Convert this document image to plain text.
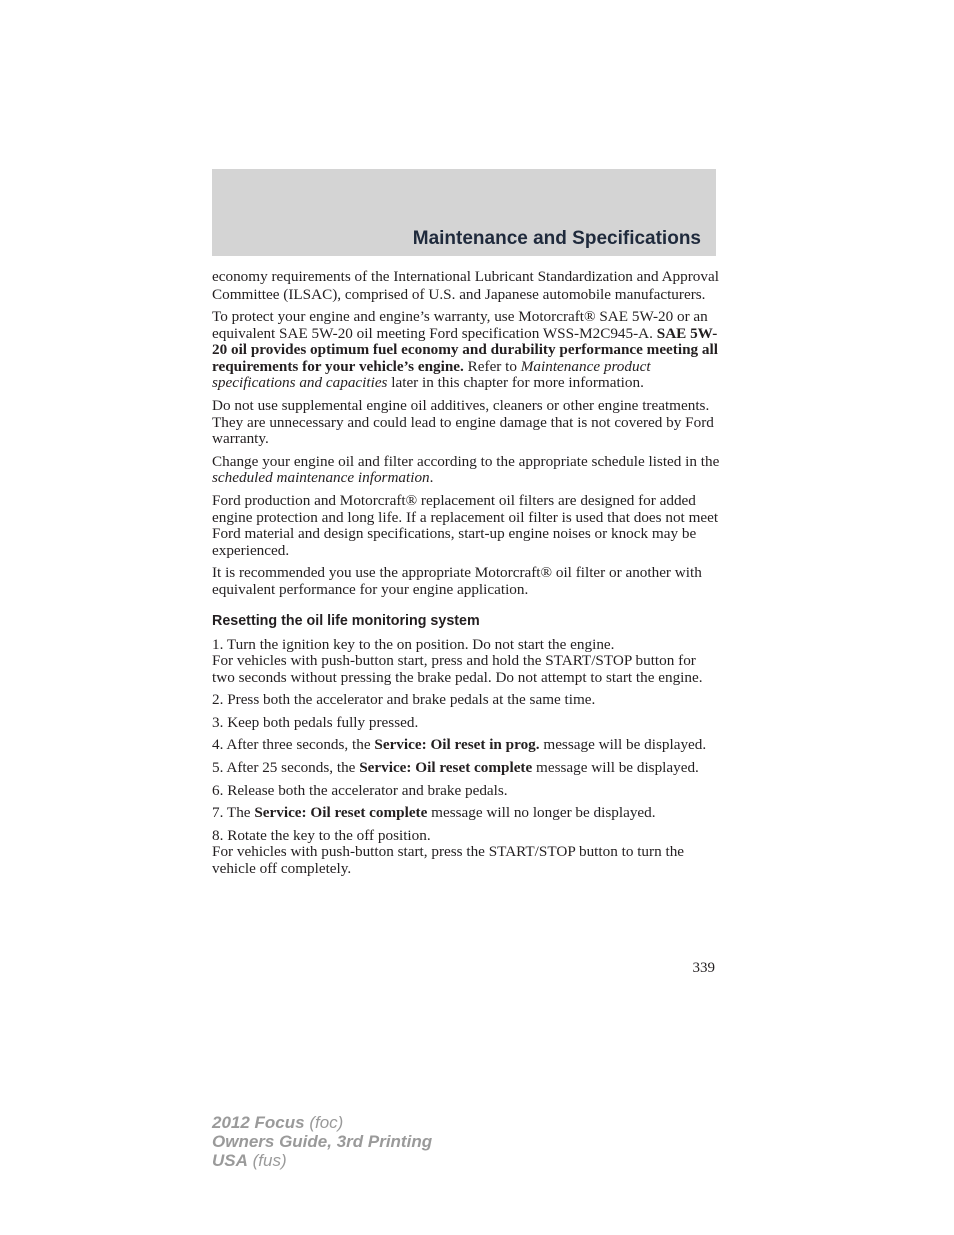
Maintenance and Specifications

economy requirements of the International Lubricant Standardization and Approval Committee (ILSAC), comprised of U.S. and Japanese automobile manufacturers.

To protect your engine and engine’s warranty, use Motorcraft® SAE 5W-20 or an equivalent SAE 5W-20 oil meeting Ford specification WSS-M2C945-A. SAE 5W-20 oil provides optimum fuel economy and durability performance meeting all requirements for your vehicle’s engine. Refer to Maintenance product specifications and capacities later in this chapter for more information.

Do not use supplemental engine oil additives, cleaners or other engine treatments. They are unnecessary and could lead to engine damage that is not covered by Ford warranty.

Change your engine oil and filter according to the appropriate schedule listed in the scheduled maintenance information.

Ford production and Motorcraft® replacement oil filters are designed for added engine protection and long life. If a replacement oil filter is used that does not meet Ford material and design specifications, start-up engine noises or knock may be experienced.

It is recommended you use the appropriate Motorcraft® oil filter or another with equivalent performance for your engine application.

Resetting the oil life monitoring system

1. Turn the ignition key to the on position. Do not start the engine.
For vehicles with push-button start, press and hold the START/STOP button for two seconds without pressing the brake pedal. Do not attempt to start the engine.

2. Press both the accelerator and brake pedals at the same time.

3. Keep both pedals fully pressed.

4. After three seconds, the Service: Oil reset in prog. message will be displayed.

5. After 25 seconds, the Service: Oil reset complete message will be displayed.

6. Release both the accelerator and brake pedals.

7. The Service: Oil reset complete message will no longer be displayed.

8. Rotate the key to the off position.
For vehicles with push-button start, press the START/STOP button to turn the vehicle off completely.

339
2012 Focus (foc)
Owners Guide, 3rd Printing
USA (fus)
